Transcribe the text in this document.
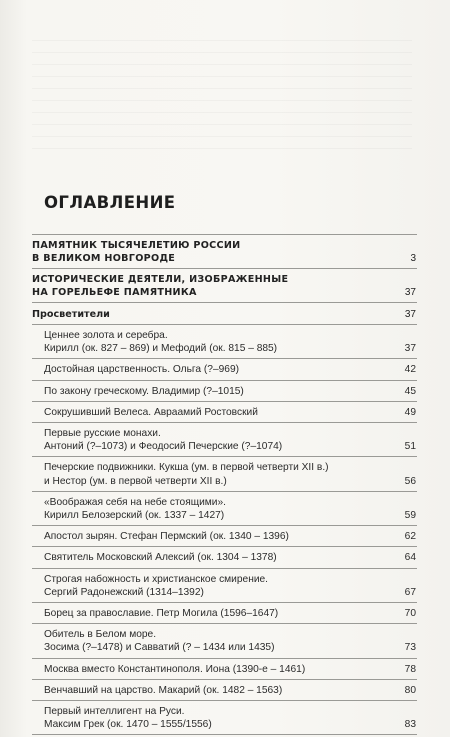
ОГЛАВЛЕНИЕ
ПАМЯТНИК ТЫСЯЧЕЛЕТИЮ РОССИИ
В ВЕЛИКОМ НОВГОРОДЕ	3
ИСТОРИЧЕСКИЕ ДЕЯТЕЛИ, ИЗОБРАЖЕННЫЕ
НА ГОРЕЛЬЕФЕ ПАМЯТНИКА	37
Просветители	37
Ценнее золота и серебра.
Кирилл (ок. 827 – 869) и Мефодий (ок. 815 – 885)	37
Достойная царственность. Ольга (?–969)	42
По закону греческому. Владимир (?–1015)	45
Сокрушивший Велеса. Авраамий Ростовский	49
Первые русские монахи.
Антоний (?–1073) и Феодосий Печерские (?–1074)	51
Печерские подвижники. Кукша (ум. в первой четверти XII в.)
и Нестор (ум. в первой четверти XII в.)	56
«Воображая себя на небе стоящими».
Кирилл Белозерский (ок. 1337 – 1427)	59
Апостол зырян. Стефан Пермский (ок. 1340 – 1396)	62
Святитель Московский Алексий (ок. 1304 – 1378)	64
Строгая набожность и христианское смирение.
Сергий Радонежский (1314–1392)	67
Борец за православие. Петр Могила (1596–1647)	70
Обитель в Белом море.
Зосима (?–1478) и Савватий (? – 1434 или 1435)	73
Москва вместо Константинополя. Иона (1390-е – 1461)	78
Венчавший на царство. Макарий (ок. 1482 – 1563)	80
Первый интеллигент на Руси.
Максим Грек (ок. 1470 – 1555/1556)	83
